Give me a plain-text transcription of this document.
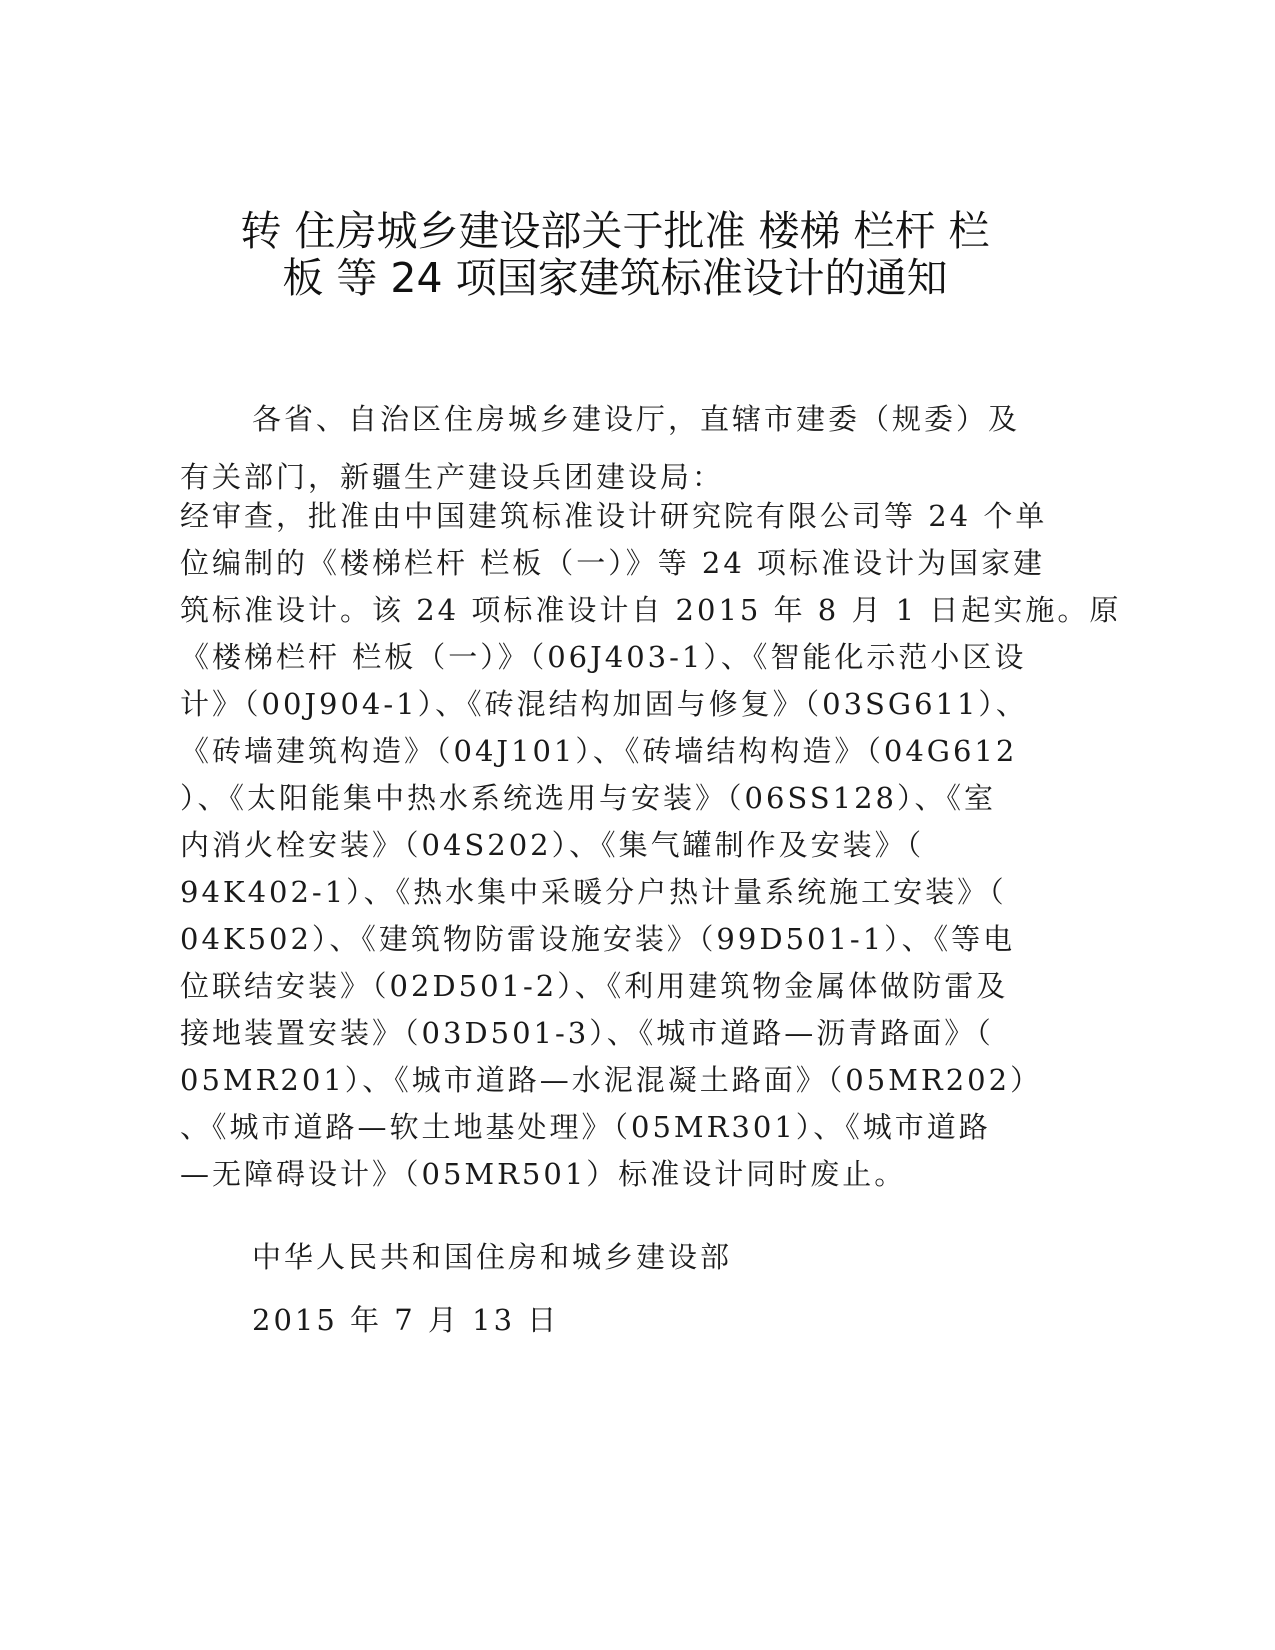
转 住房城乡建设部关于批准 楼梯 栏杆 栏
板 等 24 项国家建筑标准设计的通知
各省、自治区住房城乡建设厅，直辖市建委（规委）及
有关部门，新疆生产建设兵团建设局：
经审查，批准由中国建筑标准设计研究院有限公司等 24 个单
位编制的《楼梯栏杆 栏板（一）》等 24 项标准设计为国家建
筑标准设计。该 24 项标准设计自 2015 年 8 月 1 日起实施。原
《楼梯栏杆 栏板（一）》（06J403-1）、《智能化示范小区设
计》（00J904-1）、《砖混结构加固与修复》（03SG611）、
《砖墙建筑构造》（04J101）、《砖墙结构构造》（04G612
）、《太阳能集中热水系统选用与安装》（06SS128）、《室
内消火栓安装》（04S202）、《集气罐制作及安装》（
94K402-1）、《热水集中采暖分户热计量系统施工安装》（
04K502）、《建筑物防雷设施安装》（99D501-1）、《等电
位联结安装》（02D501-2）、《利用建筑物金属体做防雷及
接地装置安装》（03D501-3）、《城市道路—沥青路面》（
05MR201）、《城市道路—水泥混凝土路面》（05MR202）
、《城市道路—软土地基处理》（05MR301）、《城市道路
—无障碍设计》（05MR501）标准设计同时废止。
中华人民共和国住房和城乡建设部
2015 年 7 月 13 日
